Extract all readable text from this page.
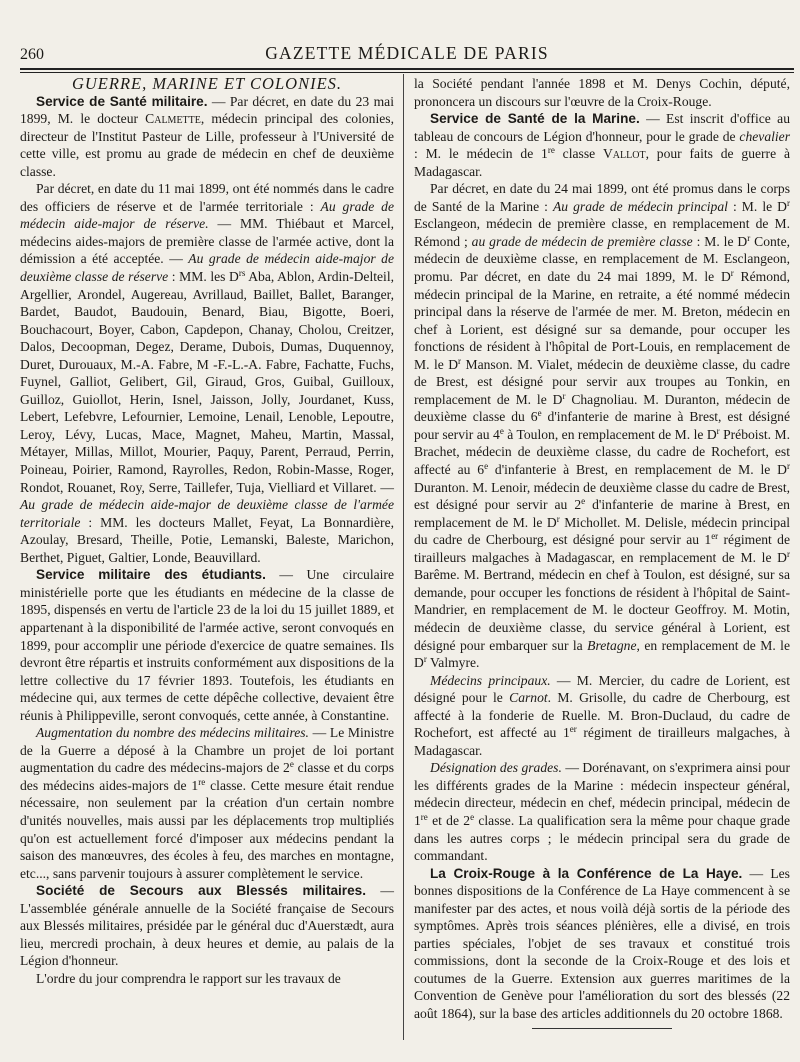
260	GAZETTE MÉDICALE DE PARIS

GUERRE, MARINE ET COLONIES.

Service de Santé militaire. — Par décret, en date du 23 mai 1899, M. le docteur Calmette, médecin principal des colonies, directeur de l'Institut Pasteur de Lille, professeur à l'Université de cette ville, est promu au grade de médecin en chef de deuxième classe.

Par décret, en date du 11 mai 1899, ont été nommés dans le cadre des officiers de réserve et de l'armée territoriale : Au grade de médecin aide-major de réserve. — MM. Thiébaut et Marcel, médecins aides-majors de première classe de l'armée active, dont la démission a été acceptée. — Au grade de médecin aide-major de deuxième classe de réserve : MM. les $D^{rs}$ Aba, Ablon, Ardin-Delteil, Argellier, Arondel, Augereau, Avrillaud, Baillet, Ballet, Baranger, Bardet, Baudot, Baudouin, Benard, Biau, Bigotte, Boeri, Bouchacourt, Boyer, Cabon, Capdepon, Chanay, Cholou, Creitzer, Dalos, Decoopman, Degez, Derame, Dubois, Dumas, Duquennoy, Duret, Durouaux, M.-A. Fabre, M -F.-L.-A. Fabre, Fachatte, Fuchs, Fuynel, Galliot, Gelibert, Gil, Giraud, Gros, Guibal, Guilloux, Guilloz, Guiollot, Herin, Isnel, Jaisson, Jolly, Jourdanet, Kuss, Lebert, Lefebvre, Lefournier, Lemoine, Lenail, Lenoble, Lepoutre, Leroy, Lévy, Lucas, Mace, Magnet, Maheu, Martin, Massal, Métayer, Millas, Millot, Mourier, Paquy, Parent, Perraud, Perrin, Poineau, Poirier, Ramond, Rayrolles, Redon, Robin-Masse, Roger, Rondot, Rouanet, Roy, Serre, Taillefer, Tuja, Vielliard et Villaret. — Au grade de médecin aide-major de deuxième classe de l'armée territoriale : MM. les docteurs Mallet, Feyat, La Bonnardière, Azoulay, Bresard, Theille, Potie, Lemanski, Baleste, Marichon, Berthet, Piguet, Galtier, Londe, Beauvillard.

Service militaire des étudiants. — Une circulaire ministérielle porte que les étudiants en médecine de la classe de 1895, dispensés en vertu de l'article 23 de la loi du 15 juillet 1889, et appartenant à la disponibilité de l'armée active, seront convoqués en 1899, pour accomplir une période d'exercice de quatre semaines. Ils devront être répartis et instruits conformément aux dispositions de la lettre collective du 17 février 1893. Toutefois, les étudiants en médecine qui, aux termes de cette dépêche collective, devaient être réunis à Philippeville, seront convoqués, cette année, à Constantine.

Augmentation du nombre des médecins militaires. — Le Ministre de la Guerre a déposé à la Chambre un projet de loi portant augmentation du cadre des médecins-majors de 2e classe et du corps des médecins aides-majors de 1re classe. Cette mesure était rendue nécessaire, non seulement par la création d'un certain nombre d'unités nouvelles, mais aussi par les déplacements trop multipliés qu'on est actuellement forcé d'imposer aux médecins pendant la saison des manœuvres, des écoles à feu, des marches en montagne, etc..., sans parvenir toujours à assurer complètement le service.

Société de Secours aux Blessés militaires. — L'assemblée générale annuelle de la Société française de Secours aux Blessés militaires, présidée par le général duc d'Auerstædt, aura lieu, mercredi prochain, à deux heures et demie, au palais de la Légion d'honneur.

L'ordre du jour comprendra le rapport sur les travaux de

la Société pendant l'année 1898 et M. Denys Cochin, député, prononcera un discours sur l'œuvre de la Croix-Rouge.

Service de Santé de la Marine. — Est inscrit d'office au tableau de concours de Légion d'honneur, pour le grade de chevalier : M. le médecin de 1re classe Vallot, pour faits de guerre à Madagascar.

Par décret, en date du 24 mai 1899, ont été promus dans le corps de Santé de la Marine : Au grade de médecin principal : M. le $D^r$ Esclangeon, médecin de première classe, en remplacement de M. Rémond ; au grade de médecin de première classe : M. le $D^r$ Conte, médecin de deuxième classe, en remplacement de M. Esclangeon, promu. Par décret, en date du 24 mai 1899, M. le $D^r$ Rémond, médecin principal de la Marine, en retraite, a été nommé médecin principal dans la réserve de l'armée de mer. M. Breton, médecin en chef à Lorient, est désigné sur sa demande, pour occuper les fonctions de résident à l'hôpital de Port-Louis, en remplacement de M. le $D^r$ Manson. M. Vialet, médecin de deuxième classe, du cadre de Brest, est désigné pour servir aux troupes au Tonkin, en remplacement de M. le $D^r$ Chagnoliau. M. Duranton, médecin de deuxième classe du 6e d'infanterie de marine à Brest, est désigné pour servir au 4e à Toulon, en remplacement de M. le $D^r$ Préboist. M. Brachet, médecin de deuxième classe, du cadre de Rochefort, est affecté au 6e d'infanterie à Brest, en remplacement de M. le $D^r$ Duranton. M. Lenoir, médecin de deuxième classe du cadre de Brest, est désigné pour servir au 2e d'infanterie de marine à Brest, en remplacement de M. le $D^r$ Michollet. M. Delisle, médecin principal du cadre de Cherbourg, est désigné pour servir au 1er régiment de tirailleurs malgaches à Madagascar, en remplacement de M. le $D^r$ Barême. M. Bertrand, médecin en chef à Toulon, est désigné, sur sa demande, pour occuper les fonctions de résident à l'hôpital de Saint-Mandrier, en remplacement de M. le docteur Geoffroy. M. Motin, médecin de deuxième classe, du service général à Lorient, est désigné pour embarquer sur la Bretagne, en remplacement de M. le $D^r$ Valmyre.

Médecins principaux. — M. Mercier, du cadre de Lorient, est désigné pour le Carnot. M. Grisolle, du cadre de Cherbourg, est affecté à la fonderie de Ruelle. M. Bron-Duclaud, du cadre de Rochefort, est affecté au 1er régiment de tirailleurs malgaches, à Madagascar.

Désignation des grades. — Dorénavant, on s'exprimera ainsi pour les différents grades de la Marine : médecin inspecteur général, médecin directeur, médecin en chef, médecin principal, médecin de 1re et de 2e classe. La qualification sera la même pour chaque grade dans les autres corps ; le médecin principal sera du grade de commandant.

La Croix-Rouge à la Conférence de La Haye. — Les bonnes dispositions de la Conférence de La Haye commencent à se manifester par des actes, et nous voilà déjà sortis de la période des symptômes. Après trois séances plénières, elle a divisé, en trois parties spéciales, l'objet de ses travaux et constitué trois commissions, dont la seconde de la Croix-Rouge et des lois et coutumes de la Guerre. Extension aux guerres maritimes de la Convention de Genève pour l'amélioration du sort des blessés (22 août 1864), sur la base des articles additionnels du 20 octobre 1868.
